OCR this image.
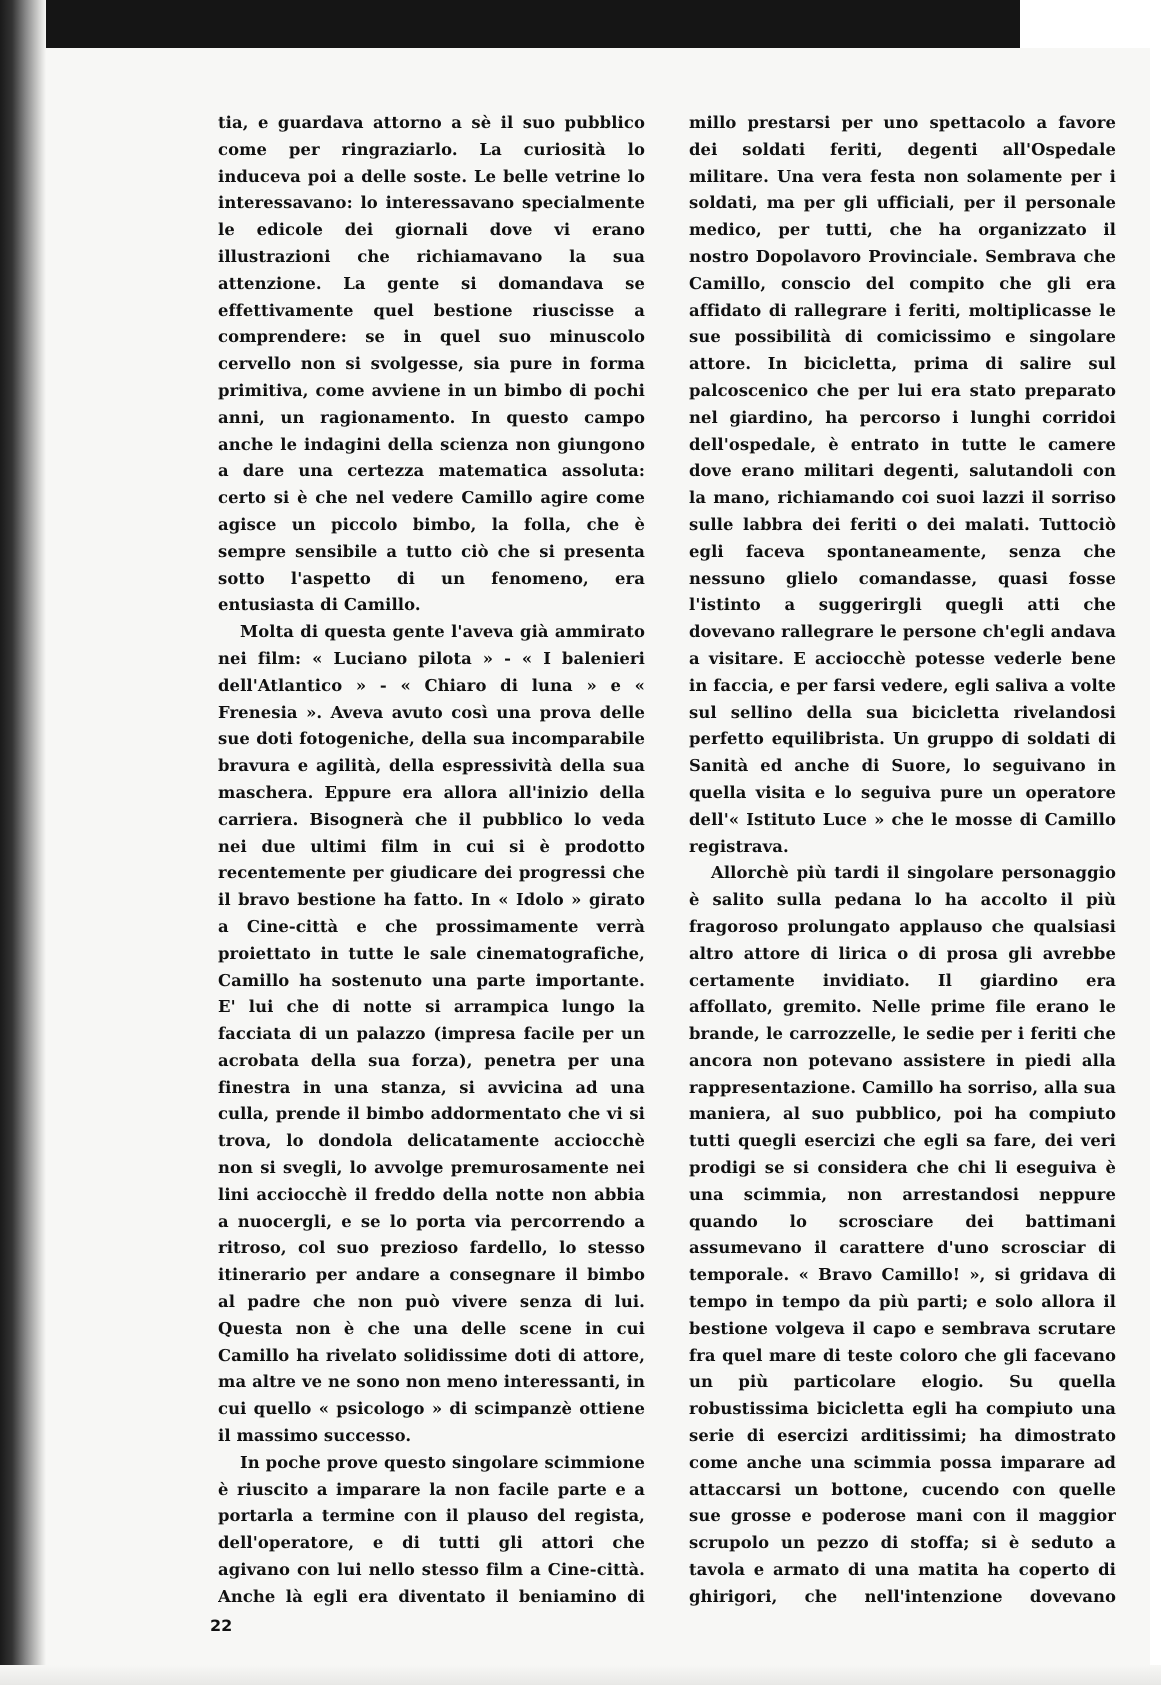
tia, e guardava attorno a sè il suo pubblico come per ringraziarlo. La curiosità lo induceva poi a delle soste. Le belle vetrine lo interessavano: lo interessavano specialmente le edicole dei giornali dove vi erano illustrazioni che richiamavano la sua attenzione. La gente si domandava se effettivamente quel bestione riuscisse a comprendere: se in quel suo minuscolo cervello non si svolgesse, sia pure in forma primitiva, come avviene in un bimbo di pochi anni, un ragionamento. In questo campo anche le indagini della scienza non giungono a dare una certezza matematica assoluta: certo si è che nel vedere Camillo agire come agisce un piccolo bimbo, la folla, che è sempre sensibile a tutto ciò che si presenta sotto l'aspetto di un fenomeno, era entusiasta di Camillo.

Molta di questa gente l'aveva già ammirato nei film: « Luciano pilota » - « I balenieri dell'Atlantico » - « Chiaro di luna » e « Frenesia ». Aveva avuto così una prova delle sue doti fotogeniche, della sua incomparabile bravura e agilità, della espressività della sua maschera. Eppure era allora all'inizio della carriera. Bisognerà che il pubblico lo veda nei due ultimi film in cui si è prodotto recentemente per giudicare dei progressi che il bravo bestione ha fatto. In « Idolo » girato a Cine-città e che prossimamente verrà proiettato in tutte le sale cinematografiche, Camillo ha sostenuto una parte importante. E' lui che di notte si arrampica lungo la facciata di un palazzo (impresa facile per un acrobata della sua forza), penetra per una finestra in una stanza, si avvicina ad una culla, prende il bimbo addormentato che vi si trova, lo dondola delicatamente acciocchè non si svegli, lo avvolge premurosamente nei lini acciocchè il freddo della notte non abbia a nuocergli, e se lo porta via percorrendo a ritroso, col suo prezioso fardello, lo stesso itinerario per andare a consegnare il bimbo al padre che non può vivere senza di lui. Questa non è che una delle scene in cui Camillo ha rivelato solidissime doti di attore, ma altre ve ne sono non meno interessanti, in cui quello « psicologo » di scimpanzè ottiene il massimo successo.

In poche prove questo singolare scimmione è riuscito a imparare la non facile parte e a portarla a termine con il plauso del regista, dell'operatore, e di tutti gli attori che agivano con lui nello stesso film a Cine-città. Anche là egli era diventato il beniamino di

millo prestarsi per uno spettacolo a favore dei soldati feriti, degenti all'Ospedale militare. Una vera festa non solamente per i soldati, ma per gli ufficiali, per il personale medico, per tutti, che ha organizzato il nostro Dopolavoro Provinciale. Sembrava che Camillo, conscio del compito che gli era affidato di rallegrare i feriti, moltiplicasse le sue possibilità di comicissimo e singolare attore. In bicicletta, prima di salire sul palcoscenico che per lui era stato preparato nel giardino, ha percorso i lunghi corridoi dell'ospedale, è entrato in tutte le camere dove erano militari degenti, salutandoli con la mano, richiamando coi suoi lazzi il sorriso sulle labbra dei feriti o dei malati. Tuttociò egli faceva spontaneamente, senza che nessuno glielo comandasse, quasi fosse l'istinto a suggerirgli quegli atti che dovevano rallegrare le persone ch'egli andava a visitare. E acciocchè potesse vederle bene in faccia, e per farsi vedere, egli saliva a volte sul sellino della sua bicicletta rivelandosi perfetto equilibrista. Un gruppo di soldati di Sanità ed anche di Suore, lo seguivano in quella visita e lo seguiva pure un operatore dell'« Istituto Luce » che le mosse di Camillo registrava.

Allorchè più tardi il singolare personaggio è salito sulla pedana lo ha accolto il più fragoroso prolungato applauso che qualsiasi altro attore di lirica o di prosa gli avrebbe certamente invidiato. Il giardino era affollato, gremito. Nelle prime file erano le brande, le carrozzelle, le sedie per i feriti che ancora non potevano assistere in piedi alla rappresentazione. Camillo ha sorriso, alla sua maniera, al suo pubblico, poi ha compiuto tutti quegli esercizi che egli sa fare, dei veri prodigi se si considera che chi li eseguiva è una scimmia, non arrestandosi neppure quando lo scrosciare dei battimani assumevano il carattere d'uno scrosciar di temporale. « Bravo Camillo! », si gridava di tempo in tempo da più parti; e solo allora il bestione volgeva il capo e sembrava scrutare fra quel mare di teste coloro che gli facevano un più particolare elogio. Su quella robustissima bicicletta egli ha compiuto una serie di esercizi arditissimi; ha dimostrato come anche una scimmia possa imparare ad attaccarsi un bottone, cucendo con quelle sue grosse e poderose mani con il maggior scrupolo un pezzo di stoffa; si è seduto a tavola e armato di una matita ha coperto di ghirigori, che nell'intenzione dovevano

22
